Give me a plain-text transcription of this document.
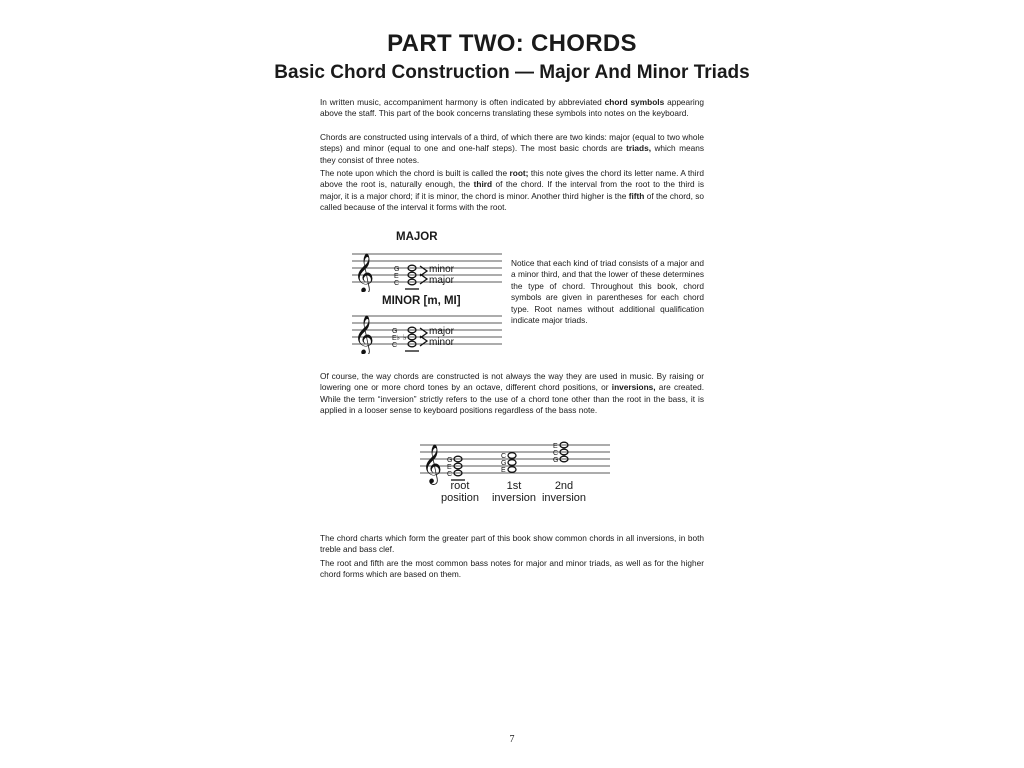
PART TWO: CHORDS
Basic Chord Construction — Major And Minor Triads

In written music, accompaniment harmony is often indicated by abbreviated chord symbols appearing above the staff. This part of the book concerns translating these symbols into notes on the keyboard.

Chords are constructed using intervals of a third, of which there are two kinds: major (equal to two whole steps) and minor (equal to one and one-half steps). The most basic chords are triads, which means they consist of three notes.

The note upon which the chord is built is called the root; this note gives the chord its letter name. A third above the root is, naturally enough, the third of the chord. If the interval from the root to the third is major, it is a major chord; if it is minor, the chord is minor. Another third higher is the fifth of the chord, so called because of the interval it forms with the root.

MAJOR
𝄞	G
E
C
minor
major
MINOR [m, MI]
𝄞	♭
G
E♭
C
major
minor

Notice that each kind of triad consists of a major and a minor third, and that the lower of these determines the type of chord. Throughout this book, chord symbols are given in parentheses for each chord type. Root names without additional qualification indicate major triads.

Of course, the way chords are constructed is not always the way they are used in music. By raising or lowering one or more chord tones by an octave, different chord positions, or inversions, are created. While the term “inversion” strictly refers to the use of a chord tone other than the root in the bass, it is applied in a looser sense to keyboard positions regardless of the bass note.

𝄞 G
E
C
C
G
E
E
C
G
root
position
1st
inversion
2nd
inversion

The chord charts which form the greater part of this book show common chords in all inversions, in both treble and bass clef.

The root and fifth are the most common bass notes for major and minor triads, as well as for the higher chord forms which are based on them.

7
